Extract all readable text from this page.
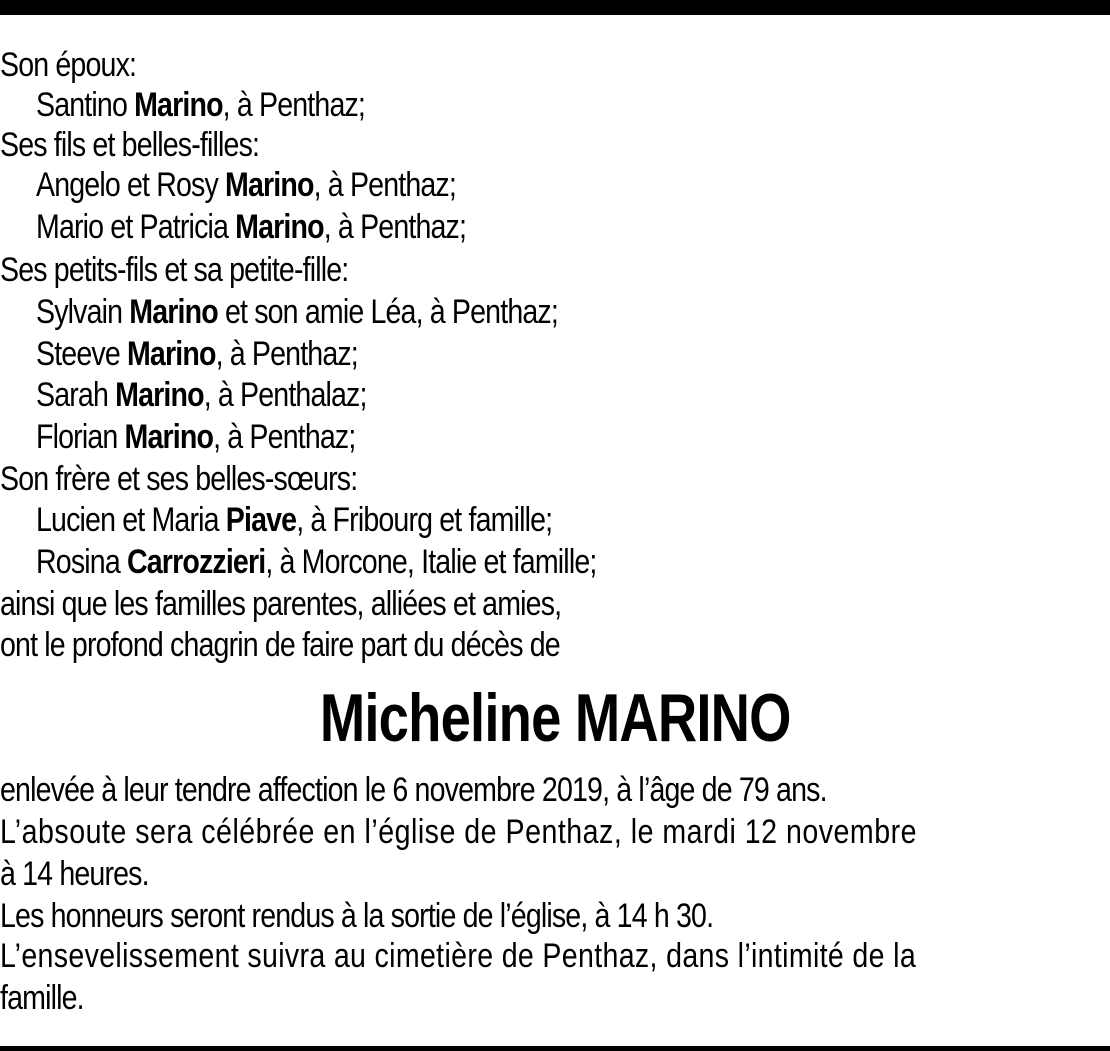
Son époux:
Santino Marino, à Penthaz;
Ses fils et belles-filles:
Angelo et Rosy Marino, à Penthaz;
Mario et Patricia Marino, à Penthaz;
Ses petits-fils et sa petite-fille:
Sylvain Marino et son amie Léa, à Penthaz;
Steeve Marino, à Penthaz;
Sarah Marino, à Penthalaz;
Florian Marino, à Penthaz;
Son frère et ses belles-sœurs:
Lucien et Maria Piave, à Fribourg et famille;
Rosina Carrozzieri, à Morcone, Italie et famille;
ainsi que les familles parentes, alliées et amies,
ont le profond chagrin de faire part du décès de
Micheline MARINO
enlevée à leur tendre affection le 6 novembre 2019, à l’âge de 79 ans.
L’absoute sera célébrée en l’église de Penthaz, le mardi 12 novembre
à 14 heures.
Les honneurs seront rendus à la sortie de l’église, à 14 h 30.
L’ensevelissement suivra au cimetière de Penthaz, dans l’intimité de la
famille.
